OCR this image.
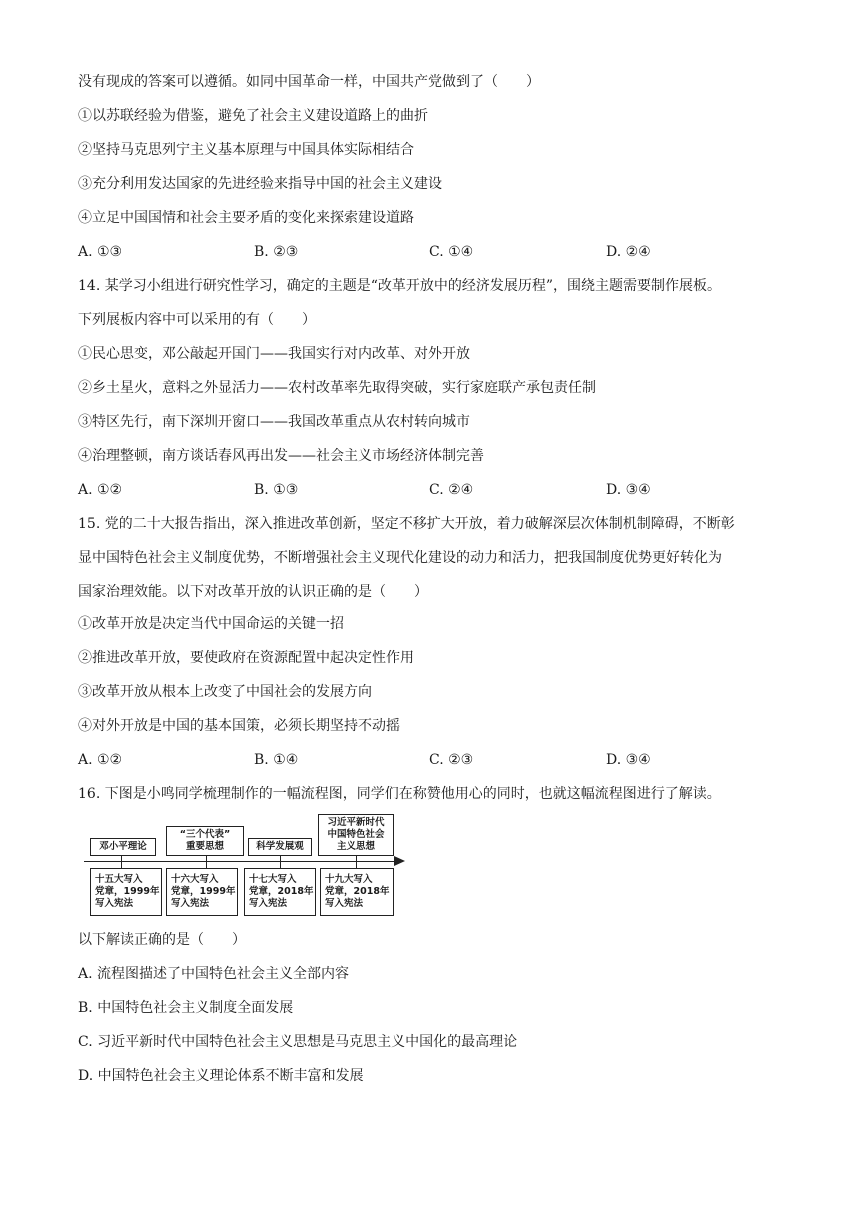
没有现成的答案可以遵循。如同中国革命一样，中国共产党做到了（　　）
①以苏联经验为借鉴，避免了社会主义建设道路上的曲折
②坚持马克思列宁主义基本原理与中国具体实际相结合
③充分利用发达国家的先进经验来指导中国的社会主义建设
④立足中国国情和社会主要矛盾的变化来探索建设道路
A. ①③	B. ②③	C. ①④	D. ②④
14. 某学习小组进行研究性学习，确定的主题是“改革开放中的经济发展历程”，围绕主题需要制作展板。
下列展板内容中可以采用的有（　　）
①民心思变，邓公敲起开国门——我国实行对内改革、对外开放
②乡土星火，意料之外显活力——农村改革率先取得突破，实行家庭联产承包责任制
③特区先行，南下深圳开窗口——我国改革重点从农村转向城市
④治理整顿，南方谈话春风再出发——社会主义市场经济体制完善
A. ①②	B. ①③	C. ②④	D. ③④
15. 党的二十大报告指出，深入推进改革创新，坚定不移扩大开放，着力破解深层次体制机制障碍，不断彰
显中国特色社会主义制度优势，不断增强社会主义现代化建设的动力和活力，把我国制度优势更好转化为
国家治理效能。以下对改革开放的认识正确的是（　　）
①改革开放是决定当代中国命运的关键一招
②推进改革开放，要使政府在资源配置中起决定性作用
③改革开放从根本上改变了中国社会的发展方向
④对外开放是中国的基本国策，必须长期坚持不动摇
A. ①②	B. ①④	C. ②③	D. ③④
16. 下图是小鸣同学梳理制作的一幅流程图，同学们在称赞他用心的同时，也就这幅流程图进行了解读。
以下解读正确的是（　　）
A. 流程图描述了中国特色社会主义全部内容
B. 中国特色社会主义制度全面发展
C. 习近平新时代中国特色社会主义思想是马克思主义中国化的最高理论
D. 中国特色社会主义理论体系不断丰富和发展
邓小平理论
“三个代表”
重要思想	科学发展观
习近平新时代
中国特色社会
主义思想
十五大写入
党章，1999年
写入宪法
十六大写入
党章，1999年
写入宪法
十七大写入
党章，2018年
写入宪法
十九大写入
党章，2018年
写入宪法
